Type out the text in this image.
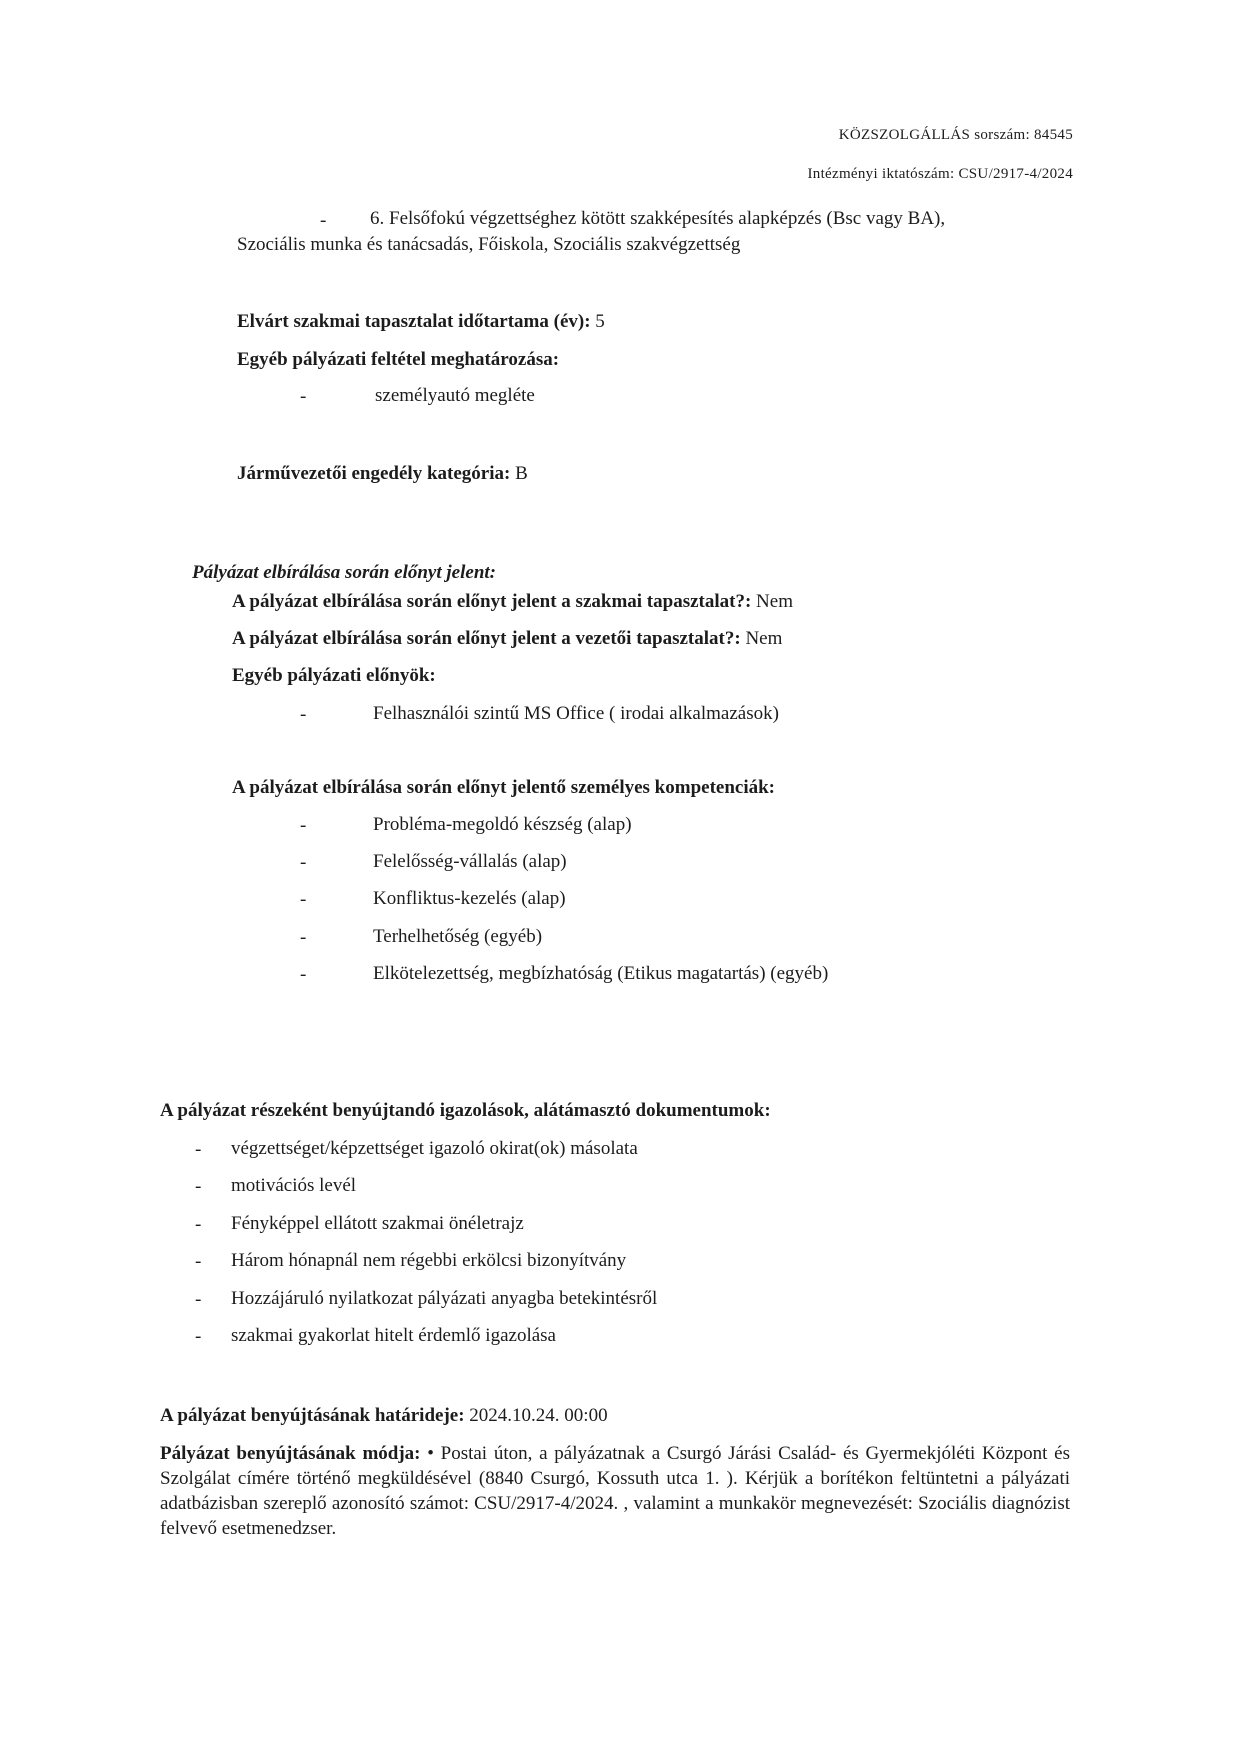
KÖZSZOLGÁLLÁS sorszám: 84545
Intézményi iktatószám: CSU/2917-4/2024
- 6. Felsőfokú végzettséghez kötött szakképesítés alapképzés (Bsc vagy BA),
Szociális munka és tanácsadás, Főiskola, Szociális szakvégzettség
Elvárt szakmai tapasztalat időtartama (év): 5
Egyéb pályázati feltétel meghatározása:
-	személyautó megléte
Járművezetői engedély kategória: B
Pályázat elbírálása során előnyt jelent:
A pályázat elbírálása során előnyt jelent a szakmai tapasztalat?: Nem
A pályázat elbírálása során előnyt jelent a vezetői tapasztalat?: Nem
Egyéb pályázati előnyök:
-	Felhasználói szintű MS Office ( irodai alkalmazások)
A pályázat elbírálása során előnyt jelentő személyes kompetenciák:
-	Probléma-megoldó készség (alap)
-	Felelősség-vállalás (alap)
-	Konfliktus-kezelés (alap)
-	Terhelhetőség (egyéb)
-	Elkötelezettség, megbízhatóság (Etikus magatartás) (egyéb)
A pályázat részeként benyújtandó igazolások, alátámasztó dokumentumok:
- végzettséget/képzettséget igazoló okirat(ok) másolata
- motivációs levél
- Fényképpel ellátott szakmai önéletrajz
- Három hónapnál nem régebbi erkölcsi bizonyítvány
- Hozzájáruló nyilatkozat pályázati anyagba betekintésről
- szakmai gyakorlat hitelt érdemlő igazolása
A pályázat benyújtásának határideje: 2024.10.24. 00:00
Pályázat benyújtásának módja: • Postai úton, a pályázatnak a Csurgó Járási Család- és Gyermekjóléti Központ és Szolgálat címére történő megküldésével (8840 Csurgó, Kossuth utca 1. ). Kérjük a borítékon feltüntetni a pályázati adatbázisban szereplő azonosító számot: CSU/2917-4/2024. , valamint a munkakör megnevezését: Szociális diagnózist felvevő esetmenedzser.
